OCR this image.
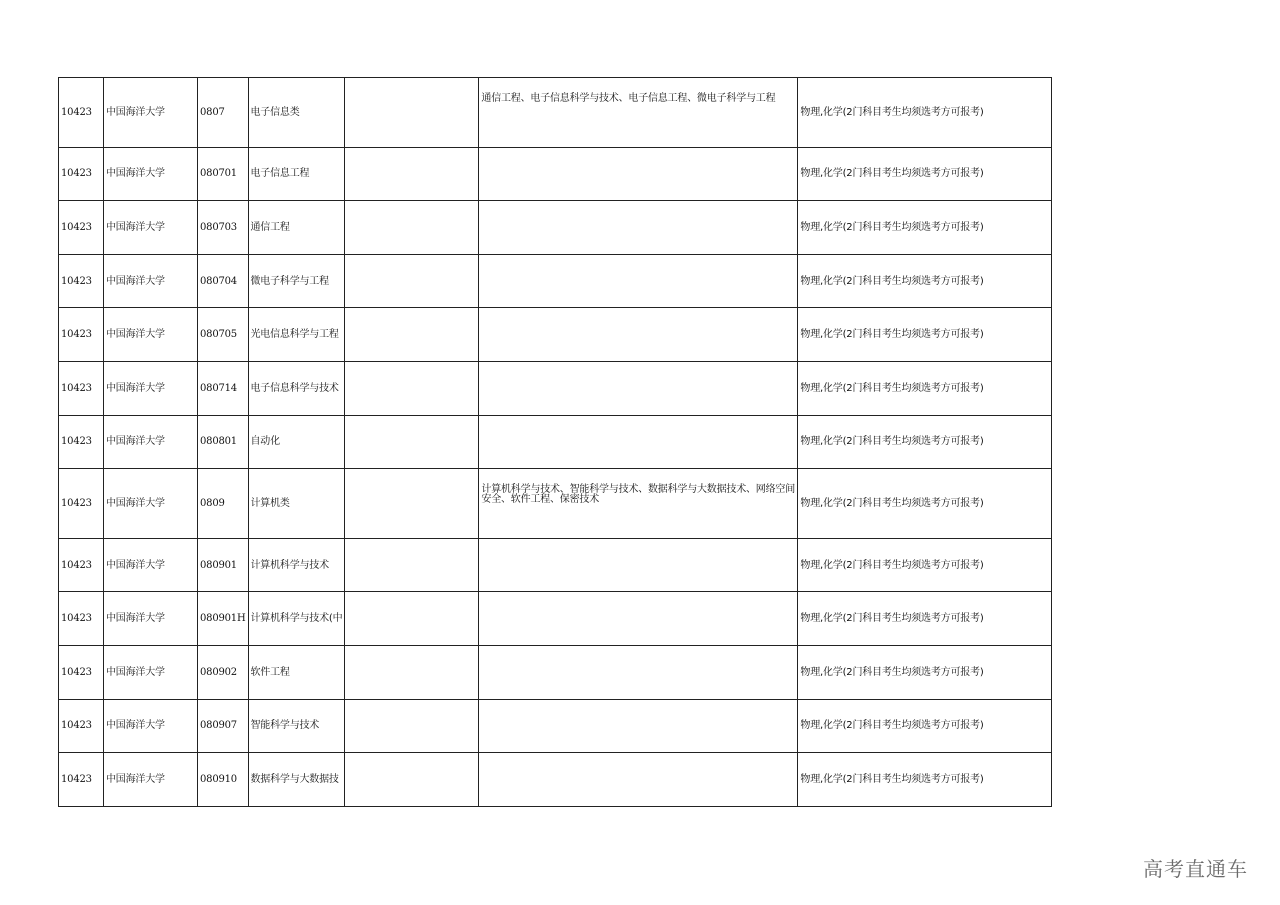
10423	中国海洋大学	0807	电子信息类		通信工程、电子信息科学与技术、电子信息工程、微电子科学与工程	物理,化学(2门科目考生均须选考方可报考)
10423	中国海洋大学	080701	电子信息工程			物理,化学(2门科目考生均须选考方可报考)
10423	中国海洋大学	080703	通信工程			物理,化学(2门科目考生均须选考方可报考)
10423	中国海洋大学	080704	微电子科学与工程			物理,化学(2门科目考生均须选考方可报考)
10423	中国海洋大学	080705	光电信息科学与工程			物理,化学(2门科目考生均须选考方可报考)
10423	中国海洋大学	080714	电子信息科学与技术			物理,化学(2门科目考生均须选考方可报考)
10423	中国海洋大学	080801	自动化			物理,化学(2门科目考生均须选考方可报考)
10423	中国海洋大学	0809	计算机类		计算机科学与技术、智能科学与技术、数据科学与大数据技术、网络空间安全、软件工程、保密技术	物理,化学(2门科目考生均须选考方可报考)
10423	中国海洋大学	080901	计算机科学与技术			物理,化学(2门科目考生均须选考方可报考)
10423	中国海洋大学	080901H	计算机科学与技术(中			物理,化学(2门科目考生均须选考方可报考)
10423	中国海洋大学	080902	软件工程			物理,化学(2门科目考生均须选考方可报考)
10423	中国海洋大学	080907	智能科学与技术			物理,化学(2门科目考生均须选考方可报考)
10423	中国海洋大学	080910	数据科学与大数据技			物理,化学(2门科目考生均须选考方可报考)
高考直通车
